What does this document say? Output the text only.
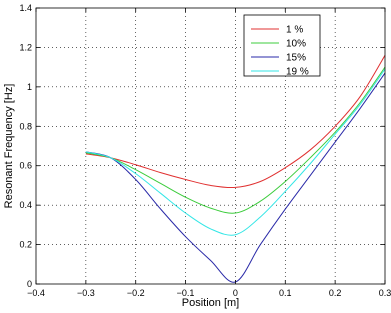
−0.4	−0.3	−0.2	−0.1	0	0.1	0.2	0.3
0
0.2
0.4
0.6
0.8
1
1.2
1.4
Position [m]
Resonant Frequency [Hz]
1 %
10%
15%
19 %
